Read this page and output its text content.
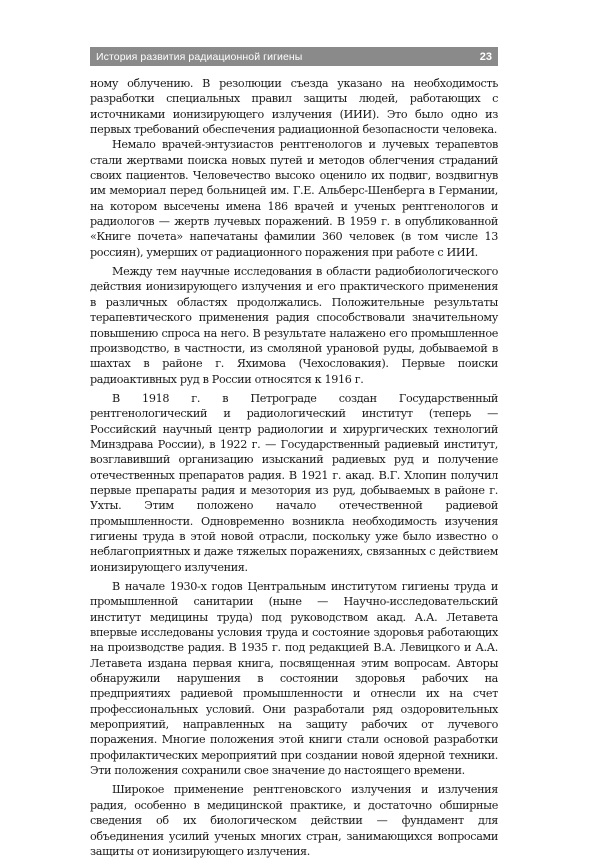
История развития радиационной гигиены	23

ному облучению. В резолюции съезда указано на необходимость разработки специальных правил защиты людей, работающих с источниками ионизирующего излучения (ИИИ). Это было одно из первых требований обеспечения радиационной безопасности человека.

Немало врачей-энтузиастов рентгенологов и лучевых терапевтов стали жертвами поиска новых путей и методов облегчения страданий своих пациентов. Человечество высоко оценило их подвиг, воздвигнув им мемориал перед больницей им. Г.Е. Альберс-Шенберга в Германии, на котором высечены имена 186 врачей и ученых рентгенологов и радиологов — жертв лучевых поражений. В 1959 г. в опубликованной «Книге почета» напечатаны фамилии 360 человек (в том числе 13 россиян), умерших от радиационного поражения при работе с ИИИ.

Между тем научные исследования в области радиобиологического действия ионизирующего излучения и его практического применения в различных областях продолжались. Положительные результаты терапевтического применения радия способствовали значительному повышению спроса на него. В результате налажено его промышленное производство, в частности, из смоляной урановой руды, добываемой в шахтах в районе г. Яхимова (Чехословакия). Первые поиски радиоактивных руд в России относятся к 1916 г.

В 1918 г. в Петрограде создан Государственный рентгенологический и радиологический институт (теперь — Российский научный центр радиологии и хирургических технологий Минздрава России), в 1922 г. — Государственный радиевый институт, возглавивший организацию изысканий радиевых руд и получение отечественных препаратов радия. В 1921 г. акад. В.Г. Хлопин получил первые препараты радия и мезотория из руд, добываемых в районе г. Ухты. Этим положено начало отечественной радиевой промышленности. Одновременно возникла необходимость изучения гигиены труда в этой новой отрасли, поскольку уже было известно о неблагоприятных и даже тяжелых поражениях, связанных с действием ионизирующего излучения.

В начале 1930-х годов Центральным институтом гигиены труда и промышленной санитарии (ныне — Научно-исследовательский институт медицины труда) под руководством акад. А.А. Летавета впервые исследованы условия труда и состояние здоровья работающих на производстве радия. В 1935 г. под редакцией В.А. Левицкого и А.А. Летавета издана первая книга, посвященная этим вопросам. Авторы обнаружили нарушения в состоянии здоровья рабочих на предприятиях радиевой промышленности и отнесли их на счет профессиональных условий. Они разработали ряд оздоровительных мероприятий, направленных на защиту рабочих от лучевого поражения. Многие положения этой книги стали основой разработки профилактических мероприятий при создании новой ядерной техники. Эти положения сохранили свое значение до настоящего времени.

Широкое применение рентгеновского излучения и излучения радия, особенно в медицинской практике, и достаточно обширные сведения об их биологическом действии — фундамент для объединения усилий ученых многих стран, занимающихся вопросами защиты от ионизирующего излучения.
